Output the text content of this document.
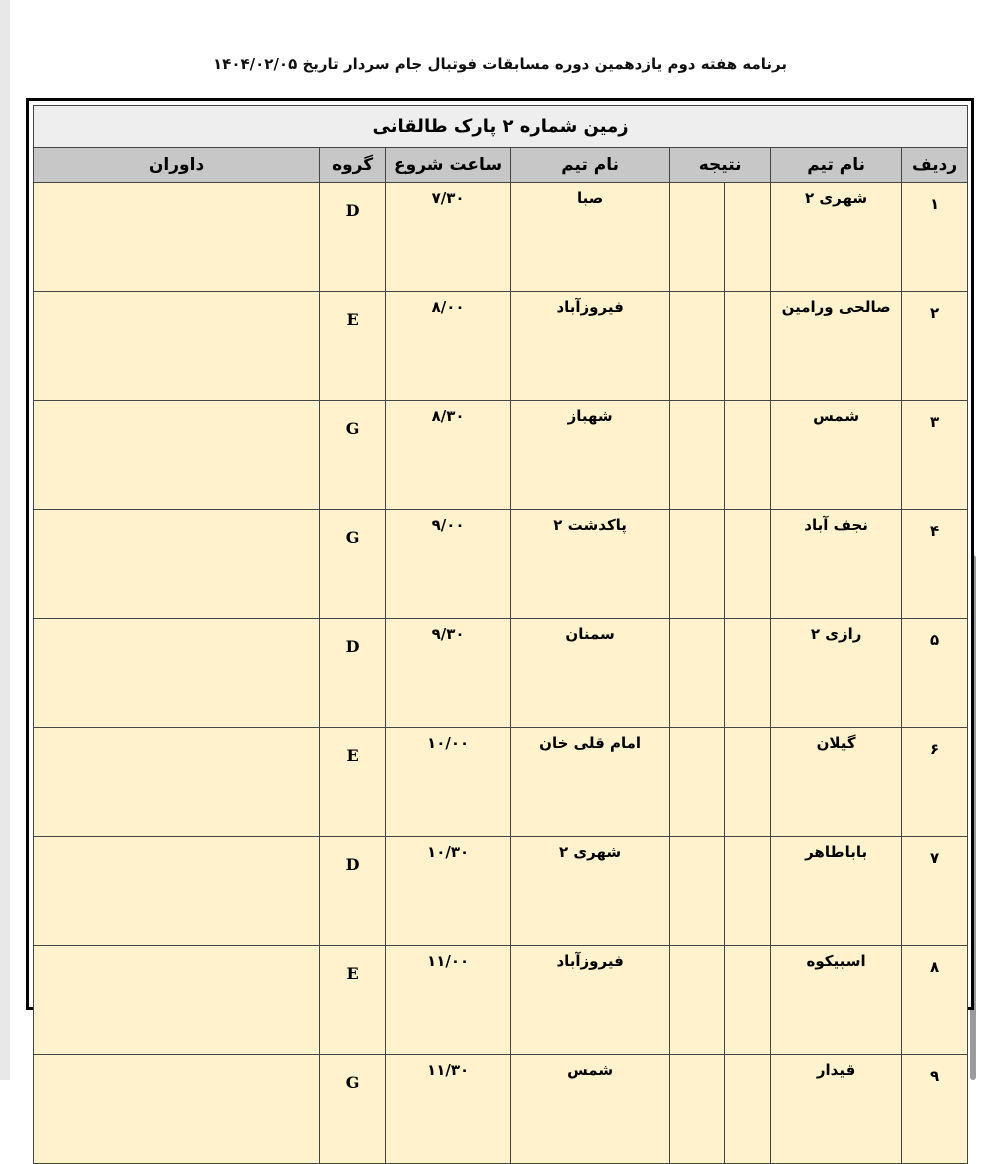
برنامه هفته دوم یازدهمین دوره مسابقات فوتبال جام سردار تاریخ ۱۴۰۴/۰۲/۰۵
زمین شماره ۲ پارک طالقانی							
ردیف	نام تیم	نتیجه		نام تیم	ساعت شروع	گروه	داوران
۱	شهری ۲			صبا	۷/۳۰	D	
۲	صالحی ورامین			فیروزآباد	۸/۰۰	E	
۳	شمس			شهباز	۸/۳۰	G	
۴	نجف آباد			پاکدشت ۲	۹/۰۰	G	
۵	رازی ۲			سمنان	۹/۳۰	D	
۶	گیلان			امام قلی خان	۱۰/۰۰	E	
۷	باباطاهر			شهری ۲	۱۰/۳۰	D	
۸	اسبیکوه			فیروزآباد	۱۱/۰۰	E	
۹	قیدار			شمس	۱۱/۳۰	G	
